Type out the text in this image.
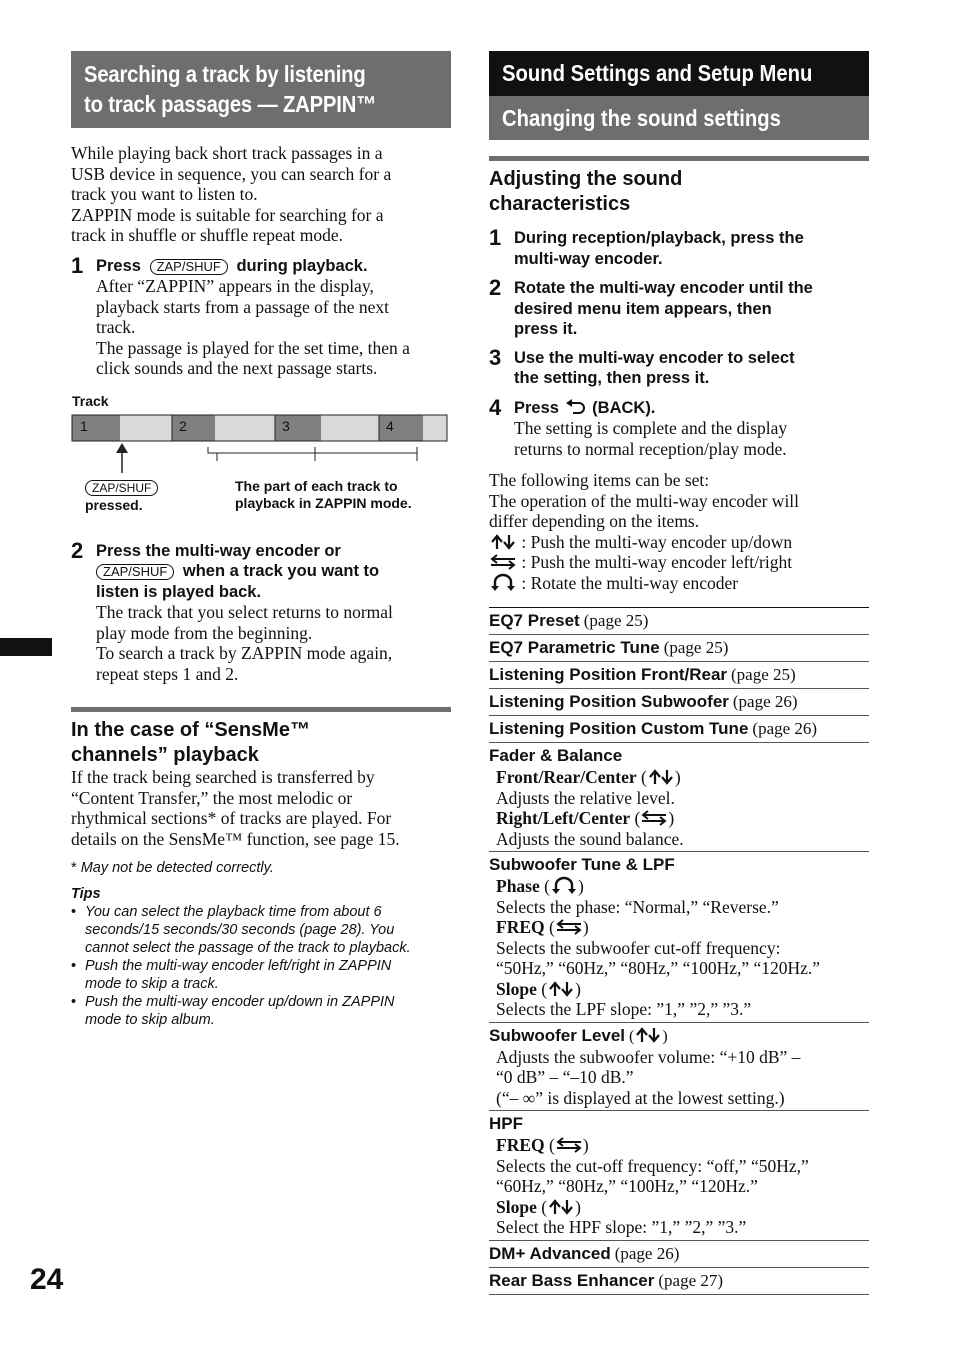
24
Searching a track by listening
to track passages — ZAPPIN™

While playing back short track passages in a

USB device in sequence, you can search for a

track you want to listen to.

ZAPPIN mode is suitable for searching for a

track in shuffle or shuffle repeat mode.

1 Press ZAP/SHUF during playback.

After “ZAPPIN” appears in the display,

playback starts from a passage of the next

track.

The passage is played for the set time, then a

click sounds and the next passage starts.

Track
1	2	3	4
ZAP/SHUF
pressed.
The part of each track to
playback in ZAPPIN mode.
2 Press the multi-way encoder or
ZAP/SHUF when a track you want to
listen is played back.

The track that you select returns to normal

play mode from the beginning.

To search a track by ZAPPIN mode again,

repeat steps 1 and 2.

In the case of “SensMe™
channels” playback

If the track being searched is transferred by

“Content Transfer,” the most melodic or

rhythmical sections* of tracks are played. For

details on the SensMe™ function, see page 15.

* May not be detected correctly.
Tips
• You can select the playback time from about 6
seconds/15 seconds/30 seconds (page 28). You
cannot select the passage of the track to playback.
• Push the multi-way encoder left/right in ZAPPIN
mode to skip a track.
• Push the multi-way encoder up/down in ZAPPIN
mode to skip album.
Sound Settings and Setup Menu
Changing the sound settings
Adjusting the sound
characteristics
1 During reception/playback, press the
multi-way encoder.
2 Rotate the multi-way encoder until the
desired menu item appears, then
press it.
3 Use the multi-way encoder to select
the setting, then press it.
4 Press (BACK).

The setting is complete and the display

returns to normal reception/play mode.

The following items can be set:

The operation of the multi-way encoder will

differ depending on the items.

: Push the multi-way encoder up/down

: Push the multi-way encoder left/right

: Rotate the multi-way encoder

EQ7 Preset (page 25)
EQ7 Parametric Tune (page 25)
Listening Position Front/Rear (page 25)
Listening Position Subwoofer (page 26)
Listening Position Custom Tune (page 26)
Fader & Balance
Front/Rear/Center ( )
Adjusts the relative level.
Right/Left/Center ( )
Adjusts the sound balance.
Subwoofer Tune & LPF
Phase ( )
Selects the phase: “Normal,” “Reverse.”
FREQ ( )
Selects the subwoofer cut-off frequency:
“50Hz,” “60Hz,” “80Hz,” “100Hz,” “120Hz.”
Slope ( )
Selects the LPF slope: ”1,” ”2,” ”3.”
Subwoofer Level ( )
Adjusts the subwoofer volume: “+10 dB” –
“0 dB” – “–10 dB.”
(“– ∞” is displayed at the lowest setting.)
HPF
FREQ ( )
Selects the cut-off frequency: “off,” “50Hz,”
“60Hz,” “80Hz,” “100Hz,” “120Hz.”
Slope ( )
Select the HPF slope: ”1,” ”2,” ”3.”
DM+ Advanced (page 26)
Rear Bass Enhancer (page 27)
